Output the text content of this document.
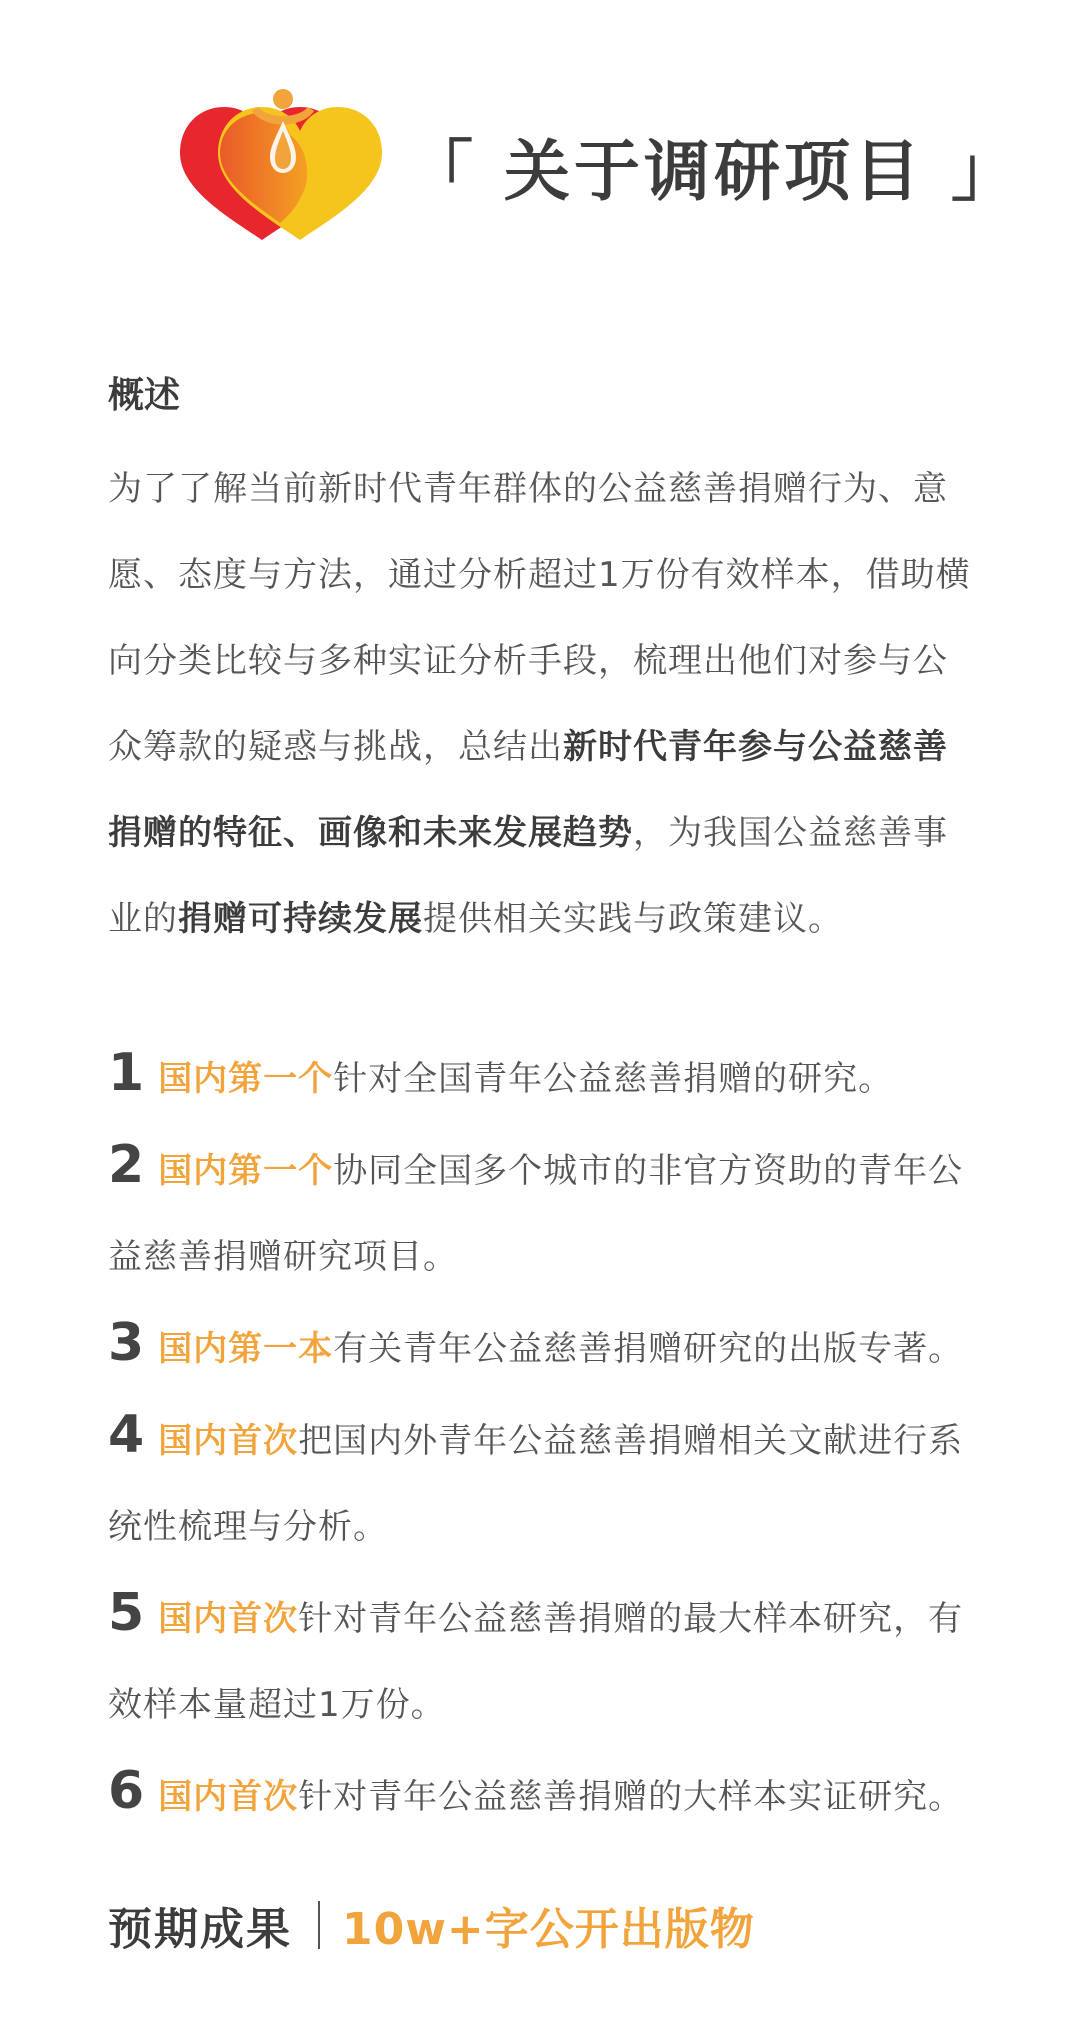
「 关于调研项目 」
概述
为了了解当前新时代青年群体的公益慈善捐赠行为、意愿、态度与方法，通过分析超过1万份有效样本，借助横向分类比较与多种实证分析手段，梳理出他们对参与公众筹款的疑惑与挑战，总结出新时代青年参与公益慈善捐赠的特征、画像和未来发展趋势，为我国公益慈善事业的捐赠可持续发展提供相关实践与政策建议。
1 国内第一个针对全国青年公益慈善捐赠的研究。
2 国内第一个协同全国多个城市的非官方资助的青年公益慈善捐赠研究项目。
3 国内第一本有关青年公益慈善捐赠研究的出版专著。
4 国内首次把国内外青年公益慈善捐赠相关文献进行系统性梳理与分析。
5 国内首次针对青年公益慈善捐赠的最大样本研究，有效样本量超过1万份。
6 国内首次针对青年公益慈善捐赠的大样本实证研究。
预期成果 10w+字公开出版物
